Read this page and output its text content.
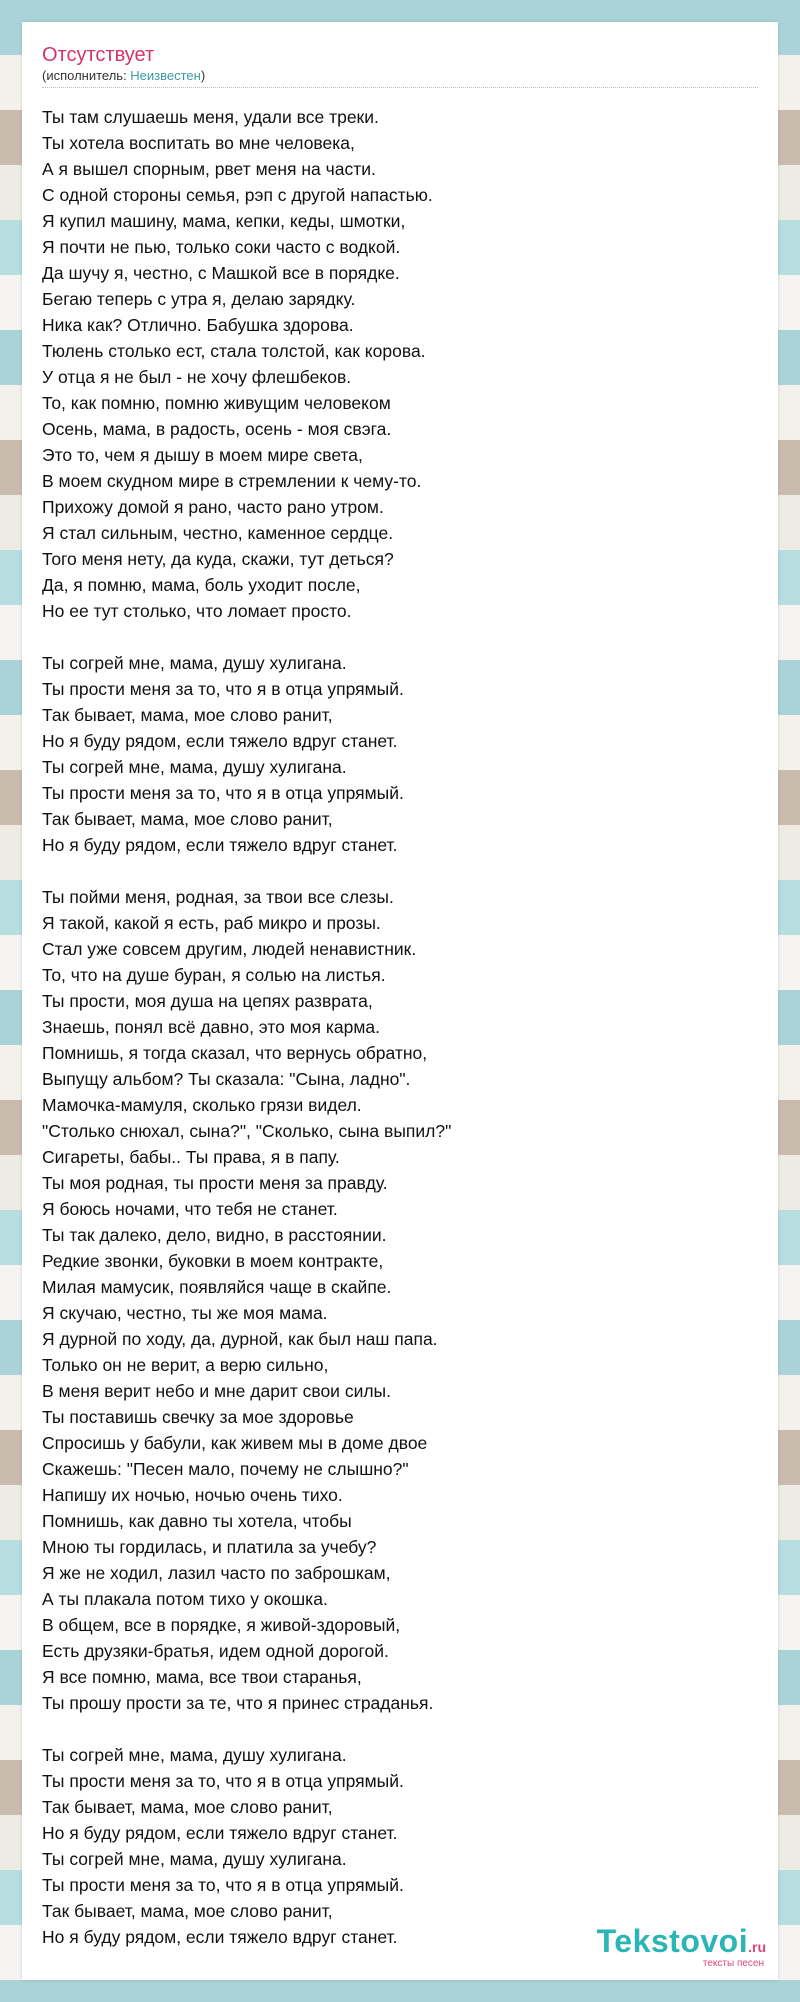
Отсутствует
(исполнитель: Неизвестен)
Ты там слушаешь меня, удали все треки.
Ты хотела воспитать во мне человека,
А я вышел спорным, рвет меня на части.
С одной стороны семья, рэп с другой напастью.
Я купил машину, мама, кепки, кеды, шмотки,
Я почти не пью, только соки часто с водкой.
Да шучу я, честно, с Машкой все в порядке.
Бегаю теперь с утра я, делаю зарядку.
Ника как? Отлично. Бабушка здорова.
Тюлень столько ест, стала толстой, как корова.
У отца я не был - не хочу флешбеков.
То, как помню, помню живущим человеком
Осень, мама, в радость, осень - моя свэга.
Это то, чем я дышу в моем мире света,
В моем скудном мире в стремлении к чему-то.
Прихожу домой я рано, часто рано утром.
Я стал сильным, честно, каменное сердце.
Того меня нету, да куда, скажи, тут деться?
Да, я помню, мама, боль уходит после,
Но ее тут столько, что ломает просто.
Ты согрей мне, мама, душу хулигана.
Ты прости меня за то, что я в отца упрямый.
Так бывает, мама, мое слово ранит,
Но я буду рядом, если тяжело вдруг станет.
Ты согрей мне, мама, душу хулигана.
Ты прости меня за то, что я в отца упрямый.
Так бывает, мама, мое слово ранит,
Но я буду рядом, если тяжело вдруг станет.
Ты пойми меня, родная, за твои все слезы.
Я такой, какой я есть, раб микро и прозы.
Стал уже совсем другим, людей ненавистник.
То, что на душе буран, я солью на листья.
Ты прости, моя душа на цепях разврата,
Знаешь, понял всё давно, это моя карма.
Помнишь, я тогда сказал, что вернусь обратно,
Выпущу альбом? Ты сказала: "Сына, ладно".
Мамочка-мамуля, сколько грязи видел.
"Столько снюхал, сына?", "Сколько, сына выпил?"
Сигареты, бабы.. Ты права, я в папу.
Ты моя родная, ты прости меня за правду.
Я боюсь ночами, что тебя не станет.
Ты так далеко, дело, видно, в расстоянии.
Редкие звонки, буковки в моем контракте,
Милая мамусик, появляйся чаще в скайпе.
Я скучаю, честно, ты же моя мама.
Я дурной по ходу, да, дурной, как был наш папа.
Только он не верит, а верю сильно,
В меня верит небо и мне дарит свои силы.
Ты поставишь свечку за мое здоровье
Спросишь у бабули, как живем мы в доме двое
Скажешь: "Песен мало, почему не слышно?"
Напишу их ночью, ночью очень тихо.
Помнишь, как давно ты хотела, чтобы
Мною ты гордилась, и платила за учебу?
Я же не ходил, лазил часто по заброшкам,
А ты плакала потом тихо у окошка.
В общем, все в порядке, я живой-здоровый,
Есть друзяки-братья, идем одной дорогой.
Я все помню, мама, все твои старанья,
Ты прошу прости за те, что я принес страданья.
Ты согрей мне, мама, душу хулигана.
Ты прости меня за то, что я в отца упрямый.
Так бывает, мама, мое слово ранит,
Но я буду рядом, если тяжело вдруг станет.
Ты согрей мне, мама, душу хулигана.
Ты прости меня за то, что я в отца упрямый.
Так бывает, мама, мое слово ранит,
Но я буду рядом, если тяжело вдруг станет.	Tekstovoi.ru
тексты песен
